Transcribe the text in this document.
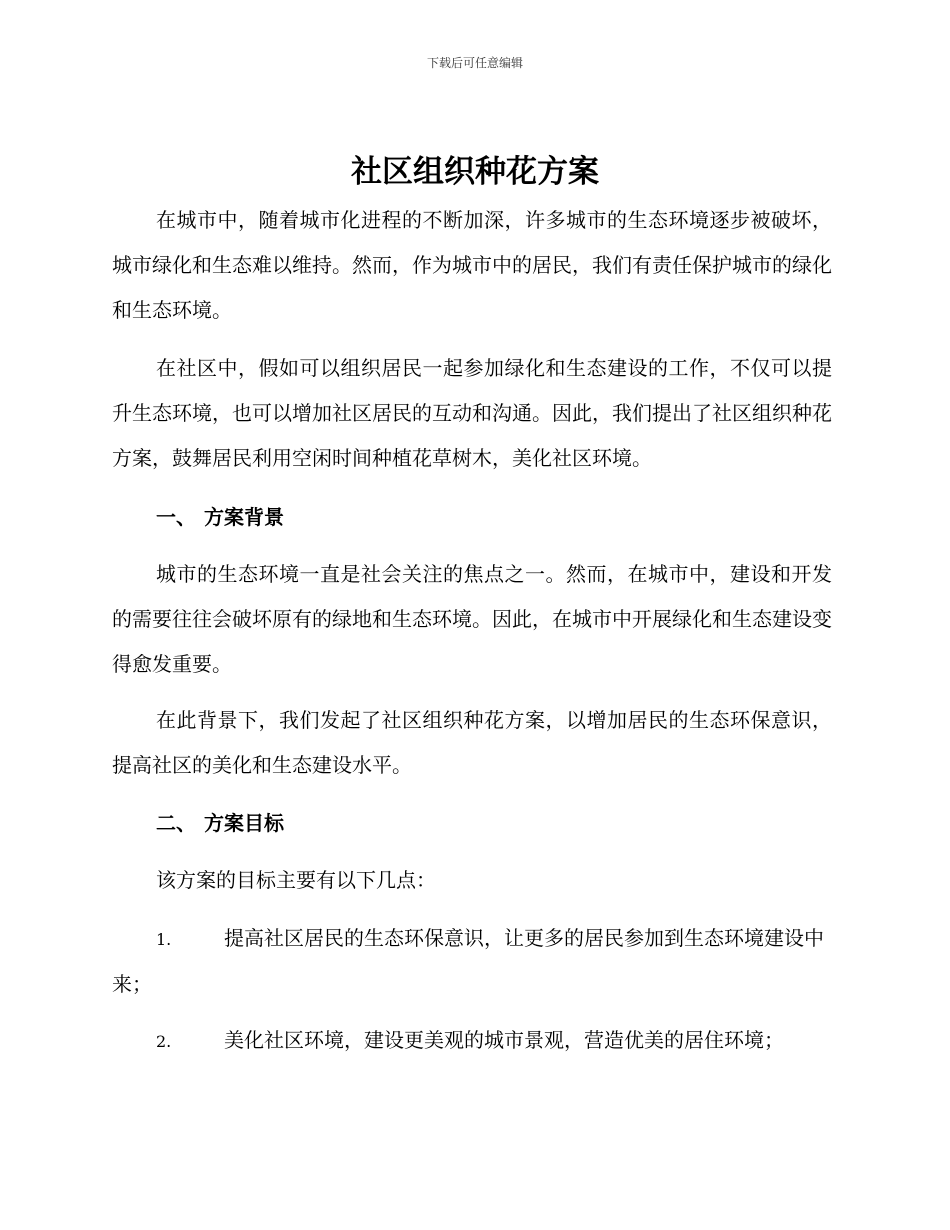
下载后可任意编辑
社区组织种花方案

在城市中，随着城市化进程的不断加深，许多城市的生态环境逐步被破坏，城市绿化和生态难以维持。然而，作为城市中的居民，我们有责任保护城市的绿化和生态环境。

在社区中，假如可以组织居民一起参加绿化和生态建设的工作，不仅可以提升生态环境，也可以增加社区居民的互动和沟通。因此，我们提出了社区组织种花方案，鼓舞居民利用空闲时间种植花草树木，美化社区环境。

一、 方案背景

城市的生态环境一直是社会关注的焦点之一。然而，在城市中，建设和开发的需要往往会破坏原有的绿地和生态环境。因此，在城市中开展绿化和生态建设变得愈发重要。

在此背景下，我们发起了社区组织种花方案，以增加居民的生态环保意识，提高社区的美化和生态建设水平。

二、 方案目标

该方案的目标主要有以下几点：

1.	提高社区居民的生态环保意识，让更多的居民参加到生态环境建设中来；

2.	美化社区环境，建设更美观的城市景观，营造优美的居住环境；
